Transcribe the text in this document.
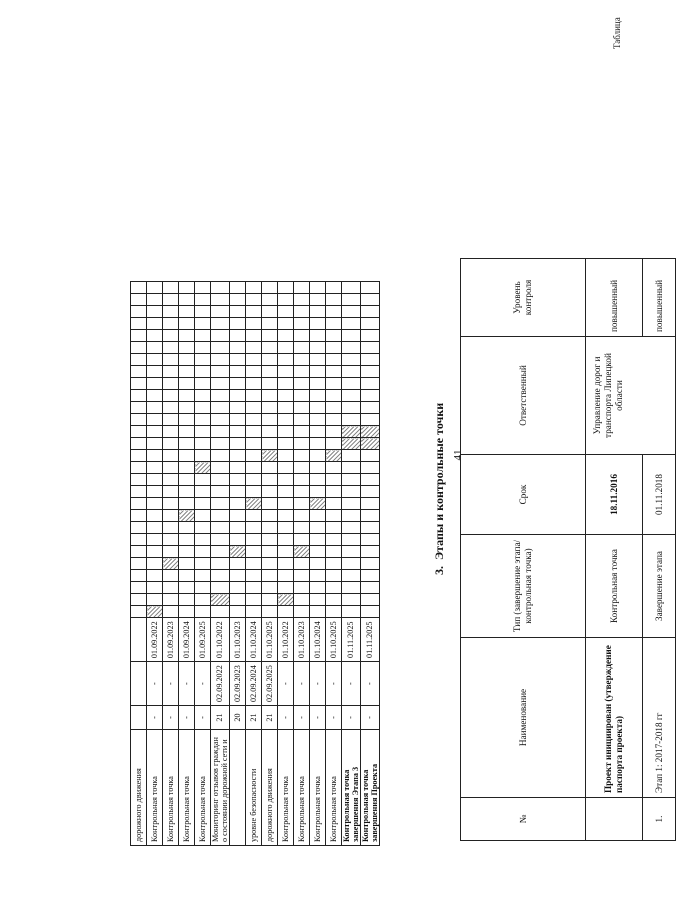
дорожного движения																															
Контрольная точка	-	-	01.09.2022																												
Контрольная точка	-	-	01.09.2023																												
Контрольная точка	-	-	01.09.2024																												
Контрольная точка	-	-	01.09.2025																												
Мониторинг отзывов граждан о состоянии дорожной сети и	21	02.09.2022	01.10.2022																												
	20	02.09.2023	01.10.2023																												
уровне безопасности	21	02.09.2024	01.10.2024																												
дорожного движения	21	02.09.2025	01.10.2025																												
Контрольная точка	-	-	01.10.2022																												
Контрольная точка	-	-	01.10.2023																												
Контрольная точка	-	-	01.10.2024																												
Контрольная точка	-	-	01.10.2025																												
Контрольная точка завершения Этапа 3	-	-	01.11.2025																												
Контрольная точка завершения Проекта	-	-	01.11.2025																												
41
3.  Этапы и контрольные точки
Таблица
№	Наименование	Тип (завершение этапа/контрольная точка)	Срок	Ответственный	Уровень контроля
	Проект инициирован (утверждение паспорта проекта)	Контрольная точка	18.11.2016	Управление дорог и транспорта Липецкой области	повышенный
1.	Этап 1: 2017-2018 гг	Завершение этапа	01.11.2018		повышенный
